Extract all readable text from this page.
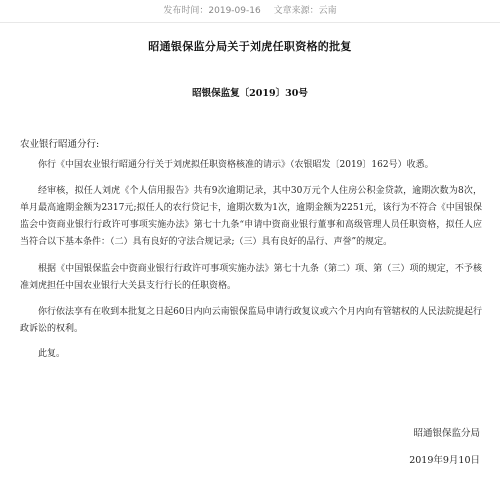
发布时间：2019-09-16 文章来源：云南
昭通银保监分局关于刘虎任职资格的批复
昭银保监复〔2019〕30号
农业银行昭通分行:

你行《中国农业银行昭通分行关于刘虎拟任职资格核准的请示》（农银昭发〔2019〕162号）收悉。

经审核，拟任人刘虎《个人信用报告》共有9次逾期记录，其中30万元个人住房公积金贷款，逾期次数为8次，单月最高逾期金额为2317元;拟任人的农行贷记卡，逾期次数为1次，逾期金额为2251元，该行为不符合《中国银保监会中资商业银行行政许可事项实施办法》第七十九条“申请中资商业银行董事和高级管理人员任职资格，拟任人应当符合以下基本条件：（二）具有良好的守法合规记录;（三）具有良好的品行、声誉”的规定。

根据《中国银保监会中资商业银行行政许可事项实施办法》第七十九条（第二）项、第（三）项的规定，不予核准刘虎担任中国农业银行大关县支行行长的任职资格。

你行依法享有在收到本批复之日起60日内向云南银保监局申请行政复议或六个月内向有管辖权的人民法院提起行政诉讼的权利。

此复。

昭通银保监分局
2019年9月10日
